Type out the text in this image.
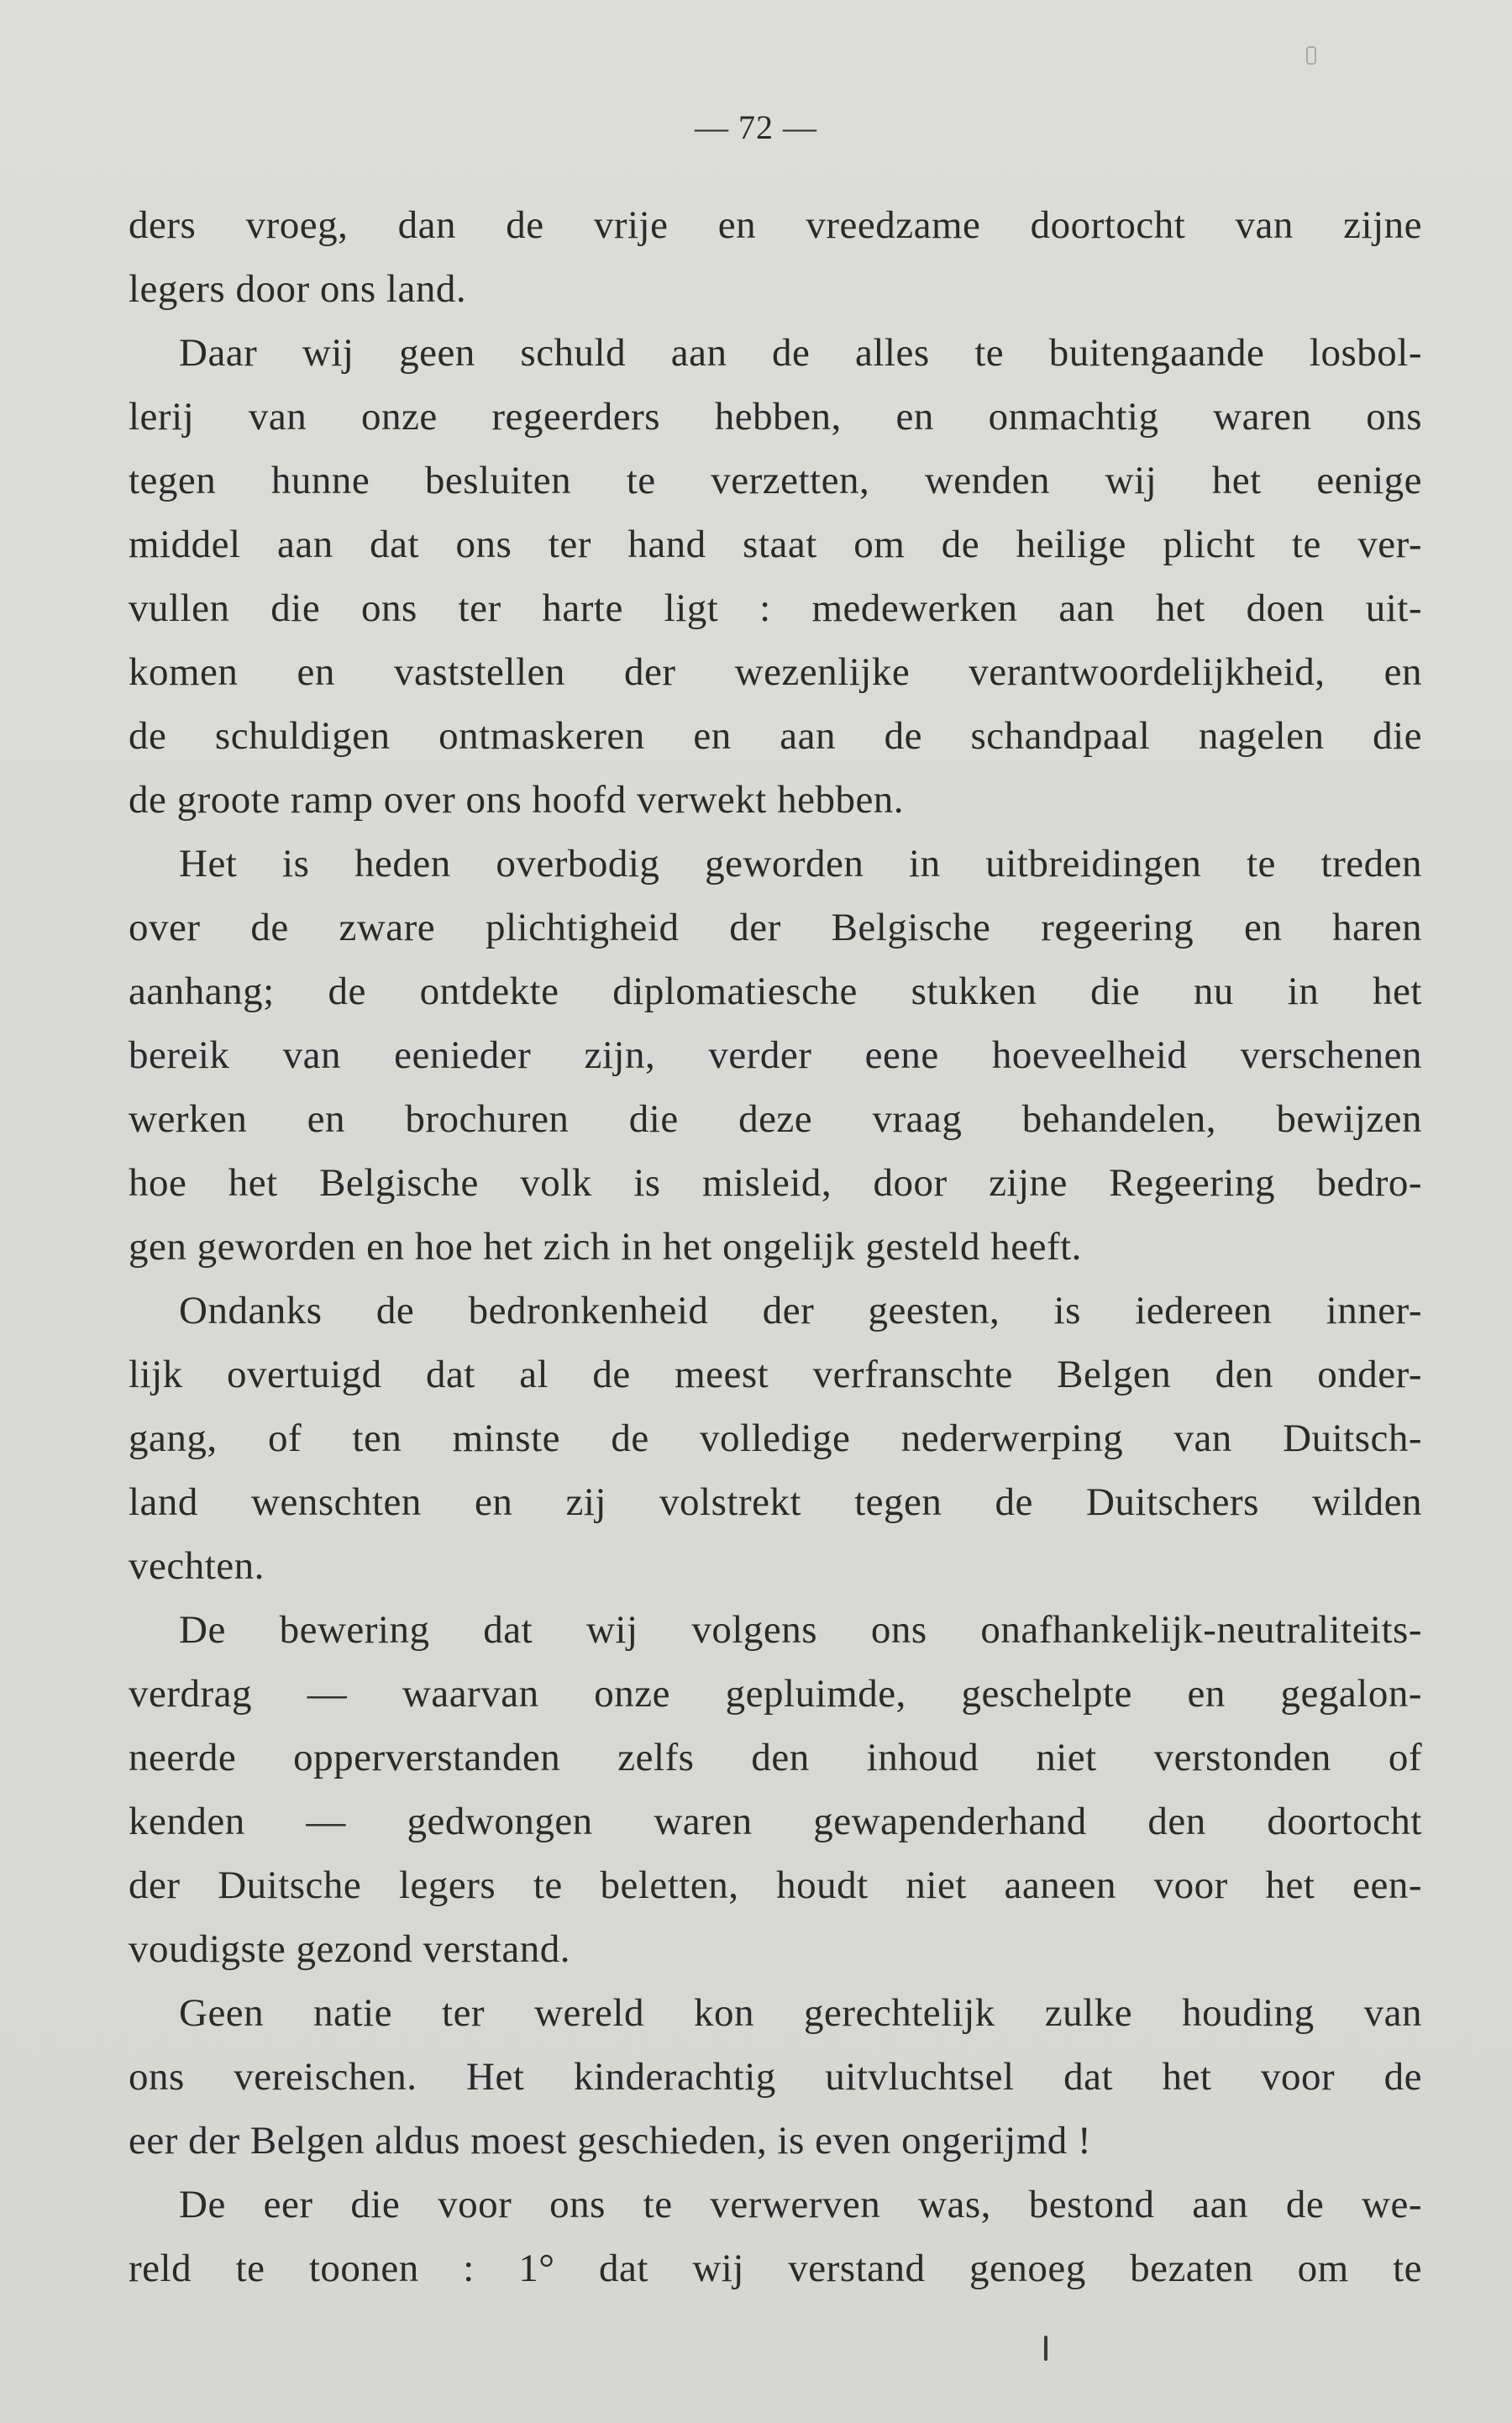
— 72 —
ders vroeg, dan de vrije en vreedzame doortocht van zijne
legers door ons land.
Daar wij geen schuld aan de alles te buitengaande losbol-
lerij van onze regeerders hebben, en onmachtig waren ons
tegen hunne besluiten te verzetten, wenden wij het eenige
middel aan dat ons ter hand staat om de heilige plicht te ver-
vullen die ons ter harte ligt : medewerken aan het doen uit-
komen en vaststellen der wezenlijke verantwoordelijkheid, en
de schuldigen ontmaskeren en aan de schandpaal nagelen die
de groote ramp over ons hoofd verwekt hebben.
Het is heden overbodig geworden in uitbreidingen te treden
over de zware plichtigheid der Belgische regeering en haren
aanhang; de ontdekte diplomatiesche stukken die nu in het
bereik van eenieder zijn, verder eene hoeveelheid verschenen
werken en brochuren die deze vraag behandelen, bewijzen
hoe het Belgische volk is misleid, door zijne Regeering bedro-
gen geworden en hoe het zich in het ongelijk gesteld heeft.
Ondanks de bedronkenheid der geesten, is iedereen inner-
lijk overtuigd dat al de meest verfranschte Belgen den onder-
gang, of ten minste de volledige nederwerping van Duitsch-
land wenschten en zij volstrekt tegen de Duitschers wilden
vechten.
De bewering dat wij volgens ons onafhankelijk-neutraliteits-
verdrag — waarvan onze gepluimde, geschelpte en gegalon-
neerde opperverstanden zelfs den inhoud niet verstonden of
kenden — gedwongen waren gewapenderhand den doortocht
der Duitsche legers te beletten, houdt niet aaneen voor het een-
voudigste gezond verstand.
Geen natie ter wereld kon gerechtelijk zulke houding van
ons vereischen. Het kinderachtig uitvluchtsel dat het voor de
eer der Belgen aldus moest geschieden, is even ongerijmd !
De eer die voor ons te verwerven was, bestond aan de we-
reld te toonen : 1° dat wij verstand genoeg bezaten om te
